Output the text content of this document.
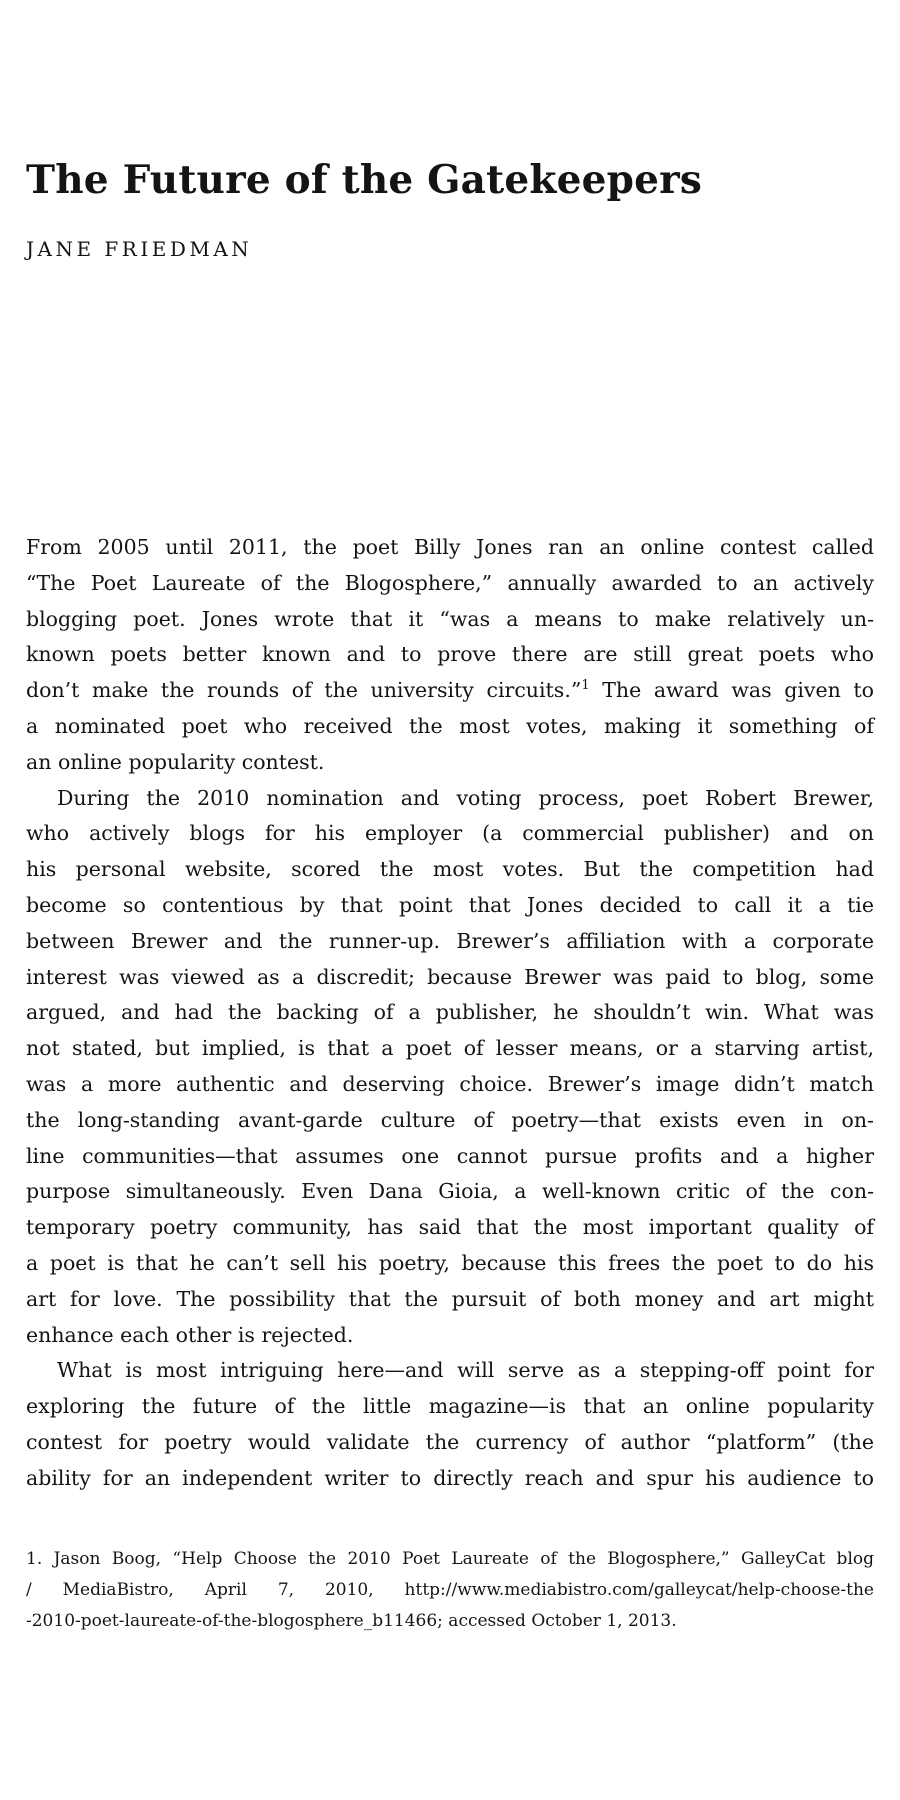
The Future of the Gatekeepers
JANE FRIEDMAN
From 2005 until 2011, the poet Billy Jones ran an online contest called
“The Poet Laureate of the Blogosphere,” annually awarded to an actively
blogging poet. Jones wrote that it “was a means to make relatively un-
known poets better known and to prove there are still great poets who
don’t make the rounds of the university circuits.”$^1$ The award was given to
a nominated poet who received the most votes, making it something of
an online popularity contest.
During the 2010 nomination and voting process, poet Robert Brewer,
who actively blogs for his employer (a commercial publisher) and on
his personal website, scored the most votes. But the competition had
become so contentious by that point that Jones decided to call it a tie
between Brewer and the runner-up. Brewer’s affiliation with a corporate
interest was viewed as a discredit; because Brewer was paid to blog, some
argued, and had the backing of a publisher, he shouldn’t win. What was
not stated, but implied, is that a poet of lesser means, or a starving artist,
was a more authentic and deserving choice. Brewer’s image didn’t match
the long-standing avant-garde culture of poetry—that exists even in on-
line communities—that assumes one cannot pursue profits and a higher
purpose simultaneously. Even Dana Gioia, a well-known critic of the con-
temporary poetry community, has said that the most important quality of
a poet is that he can’t sell his poetry, because this frees the poet to do his
art for love. The possibility that the pursuit of both money and art might
enhance each other is rejected.
What is most intriguing here—and will serve as a stepping-off point for
exploring the future of the little magazine—is that an online popularity
contest for poetry would validate the currency of author “platform” (the
ability for an independent writer to directly reach and spur his audience to
1. Jason Boog, “Help Choose the 2010 Poet Laureate of the Blogosphere,” GalleyCat blog
/ MediaBistro, April 7, 2010, http://www.mediabistro.com/galleycat/help-choose-the
-2010-poet-laureate-of-the-blogosphere_b11466; accessed October 1, 2013.
